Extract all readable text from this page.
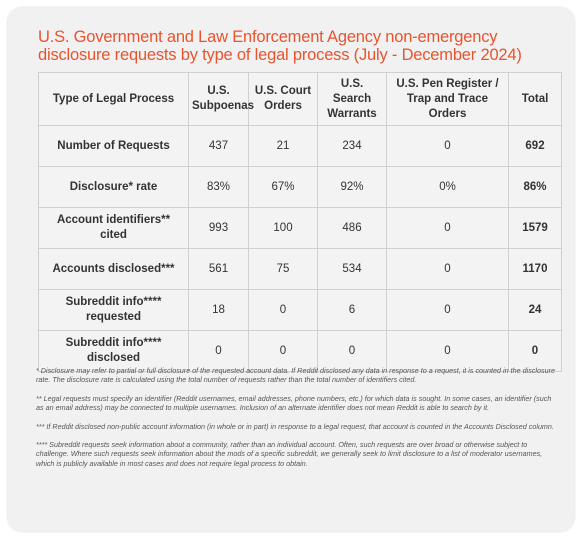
U.S. Government and Law Enforcement Agency non-emergency disclosure requests by type of legal process (July - December 2024)
Type of Legal Process	U.S. Subpoenas	U.S. Court Orders	U.S. Search Warrants	U.S. Pen Register / Trap and Trace Orders	Total
Number of Requests	437	21	234	0	692
Disclosure* rate	83%	67%	92%	0%	86%
Account identifiers** cited	993	100	486	0	1579
Accounts disclosed***	561	75	534	0	1170
Subreddit info**** requested	18	0	6	0	24
Subreddit info**** disclosed	0	0	0	0	0

* Disclosure may refer to partial or full disclosure of the requested account data. If Reddit disclosed any data in response to a request, it is counted in the disclosure rate. The disclosure rate is calculated using the total number of requests rather than the total number of identifiers cited.

** Legal requests must specify an identifier (Reddit usernames, email addresses, phone numbers, etc.) for which data is sought. In some cases, an identifier (such as an email address) may be connected to multiple usernames. Inclusion of an alternate identifier does not mean Reddit is able to search by it.

*** If Reddit disclosed non-public account information (in whole or in part) in response to a legal request, that account is counted in the Accounts Disclosed column.

**** Subreddit requests seek information about a community, rather than an individual account. Often, such requests are over broad or otherwise subject to challenge. Where such requests seek information about the mods of a specific subreddit, we generally seek to limit disclosure to a list of moderator usernames, which is publicly available in most cases and does not require legal process to obtain.
